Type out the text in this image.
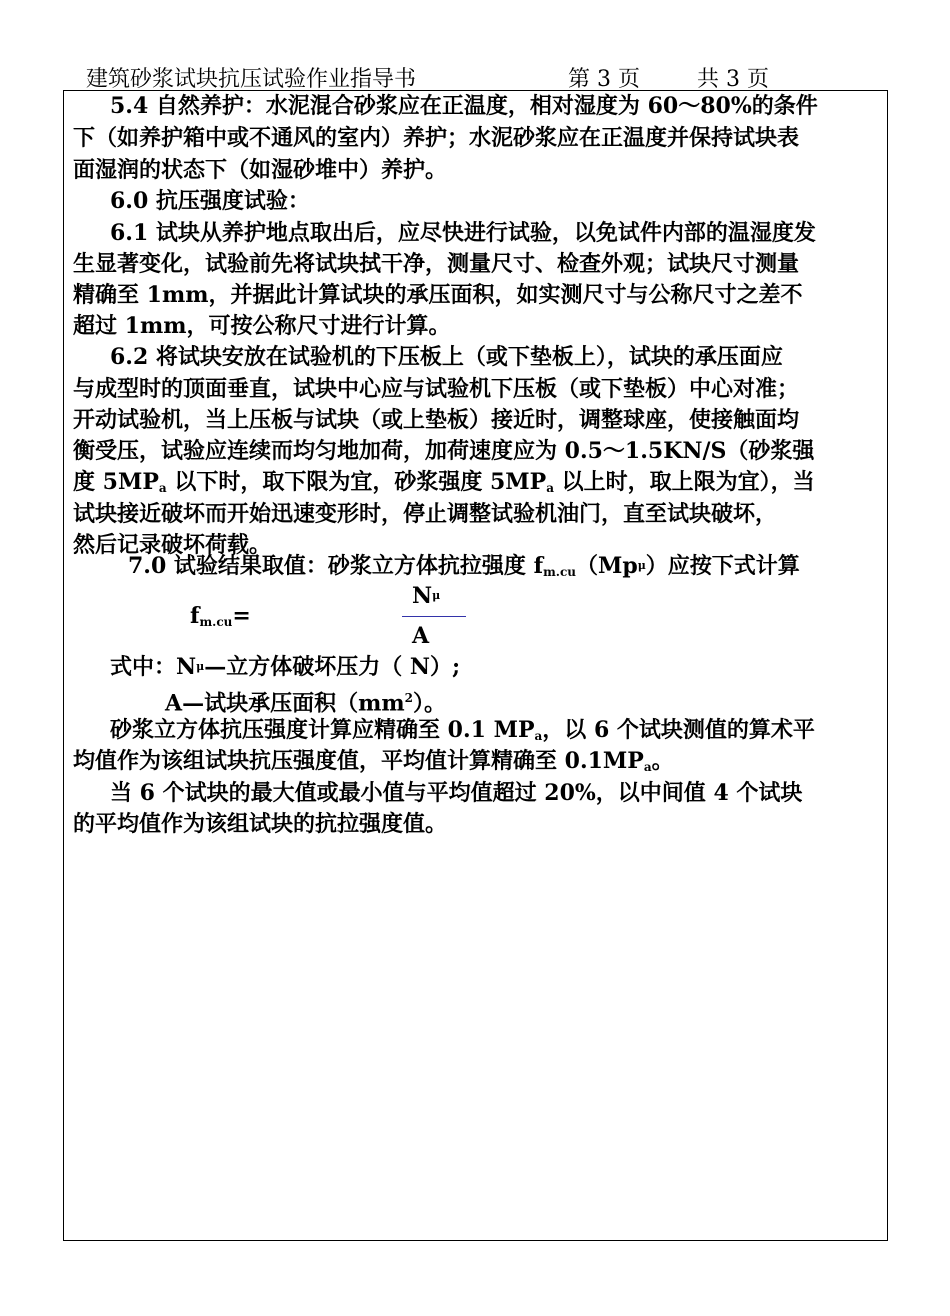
建筑砂浆试块抗压试验作业指导书	第 3 页	共 3 页
5.4 自然养护：水泥混合砂浆应在正温度，相对湿度为 60～80%的条件
下（如养护箱中或不通风的室内）养护；水泥砂浆应在正温度并保持试块表
面湿润的状态下（如湿砂堆中）养护。
6.0 抗压强度试验：
6.1 试块从养护地点取出后，应尽快进行试验，以免试件内部的温湿度发
生显著变化，试验前先将试块拭干净，测量尺寸、检查外观；试块尺寸测量
精确至 1mm，并据此计算试块的承压面积，如实测尺寸与公称尺寸之差不
超过 1mm，可按公称尺寸进行计算。
6.2 将试块安放在试验机的下压板上（或下垫板上），试块的承压面应
与成型时的顶面垂直，试块中心应与试验机下压板（或下垫板）中心对准；
开动试验机，当上压板与试块（或上垫板）接近时，调整球座，使接触面均
衡受压，试验应连续而均匀地加荷，加荷速度应为 0.5～1.5KN/S（砂浆强
度 $5MP_a$ 以下时，取下限为宜，砂浆强度 $5MP_a$ 以上时，取上限为宜），当
试块接近破坏而开始迅速变形时，停止调整试验机油门，直至试块破坏，
然后记录破坏荷载。
7.0 试验结果取值：砂浆立方体抗拉强度 $f_{m.cu}(Mp\mu)$应按下式计算
Nμ
$f_{m.cu}=$
A
式中：Nμ—立方体破坏压力（ N）;
A—试块承压面积$(mm^2)$。
砂浆立方体抗压强度计算应精确至 0.1 $MP_a$，以 6 个试块测值的算术平
均值作为该组试块抗压强度值，平均值计算精确至 $0.1MP_a$。
当 6 个试块的最大值或最小值与平均值超过 20%，以中间值 4 个试块
的平均值作为该组试块的抗拉强度值。
